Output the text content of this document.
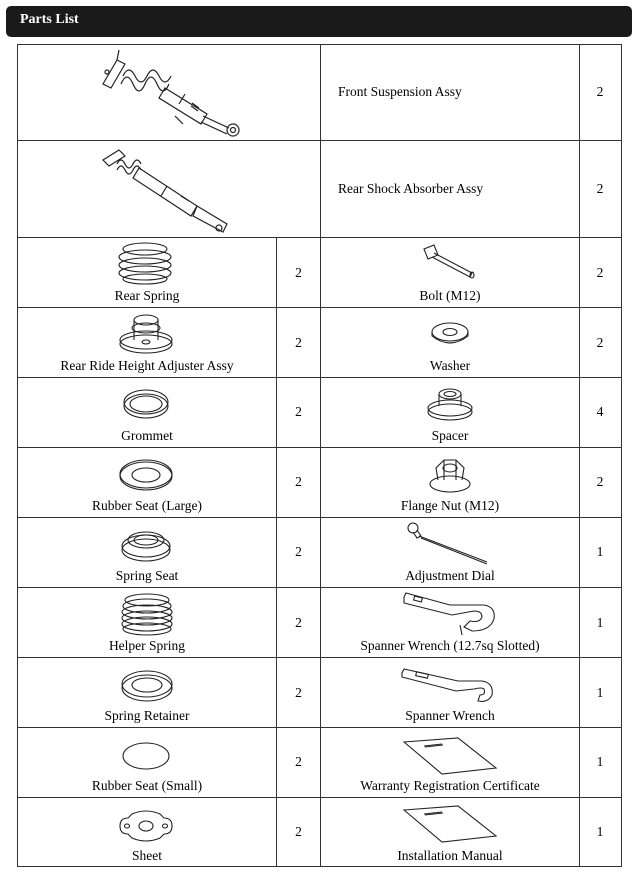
Parts List
Front Suspension Assy	2
Rear Shock Absorber Assy	2
Rear Spring
2
Bolt (M12)
2
Rear Ride Height Adjuster Assy
2
Washer
2
Grommet
2
Spacer
4
Rubber Seat (Large)
2
Flange Nut (M12)
2
Spring Seat
2
Adjustment Dial
1
Helper Spring
2
Spanner Wrench (12.7sq Slotted)
1
Spring Retainer
2
Spanner Wrench
1
Rubber Seat (Small)
2
Warranty Registration Certificate
1
Sheet
2
Installation Manual
1
